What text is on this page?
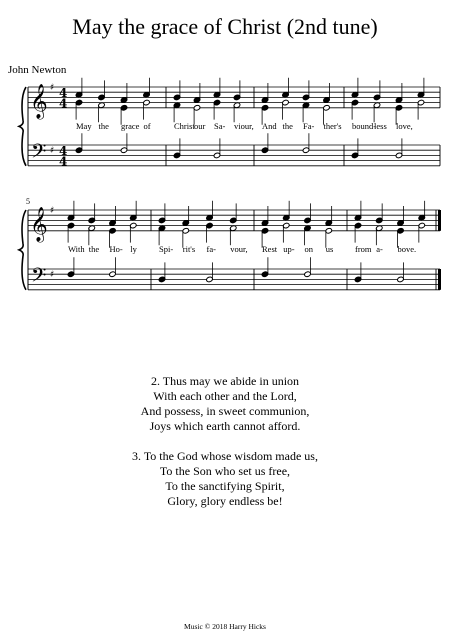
May the grace of Christ (2nd tune)
John Newton
𝄞
𝄢
♯
♯
4
4
4
4
May the grace of	Christ our Sa- viour, And the Fa- ther's bound-
less love,
𝄞
𝄢
♯
♯
5
With the Ho- ly	Spi- rit's fa- vour, Rest up- on us	from a- bove.
2. Thus may we abide in union
With each other and the Lord,
And possess, in sweet communion,
Joys which earth cannot afford.
3. To the God whose wisdom made us,
To the Son who set us free,
To the sanctifying Spirit,
Glory, glory endless be!
Music © 2018 Harry Hicks
